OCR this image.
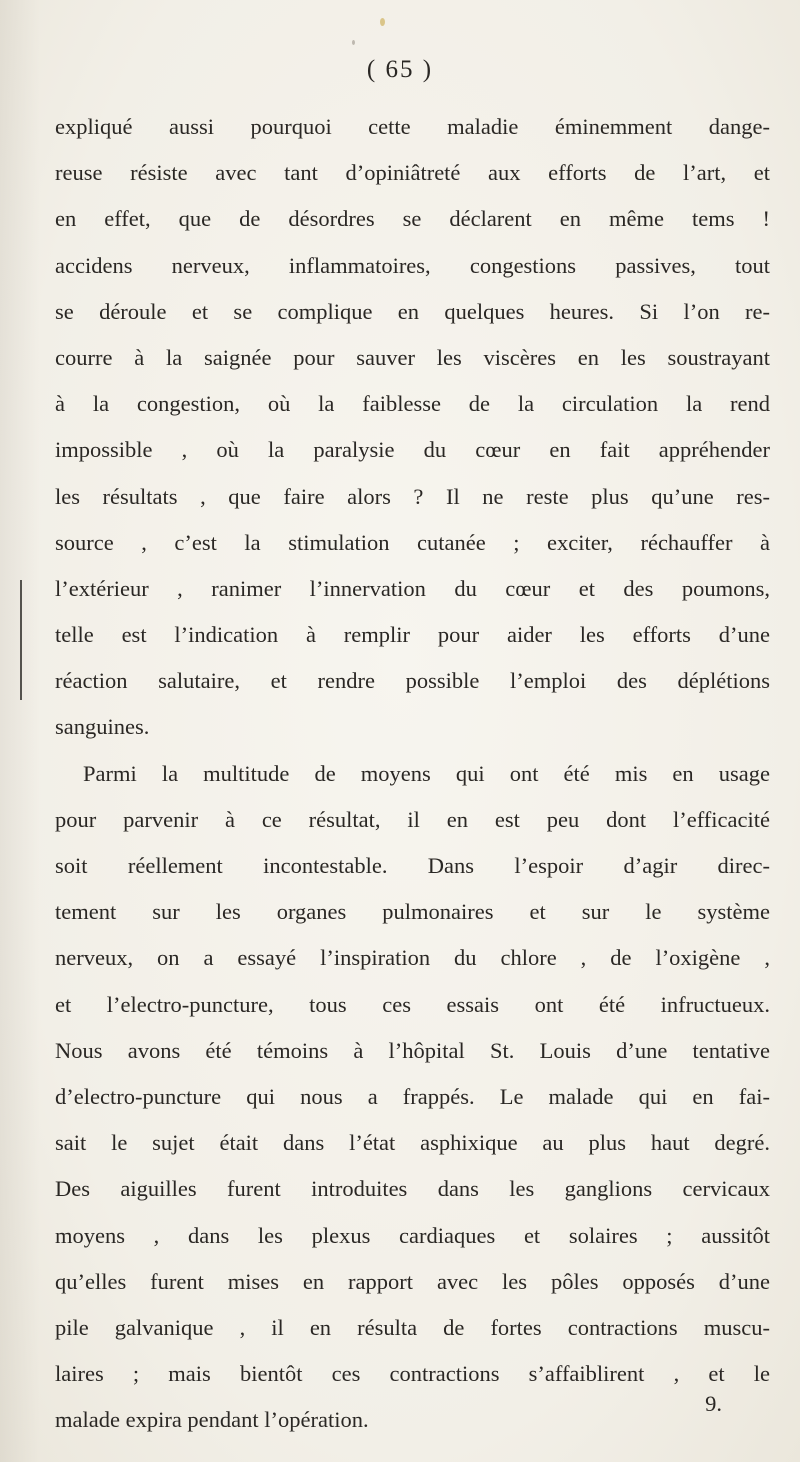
( 65 )
expliqué aussi pourquoi cette maladie éminemment dange-
reuse résiste avec tant d’opiniâtreté aux efforts de l’art, et
en effet, que de désordres se déclarent en même tems !
accidens nerveux, inflammatoires, congestions passives, tout
se déroule et se complique en quelques heures. Si l’on re-
courre à la saignée pour sauver les viscères en les soustrayant
à la congestion, où la faiblesse de la circulation la rend
impossible , où la paralysie du cœur en fait appréhender
les résultats , que faire alors ? Il ne reste plus qu’une res-
source , c’est la stimulation cutanée ; exciter, réchauffer à
l’extérieur , ranimer l’innervation du cœur et des poumons,
telle est l’indication à remplir pour aider les efforts d’une
réaction salutaire, et rendre possible l’emploi des déplétions
sanguines.
Parmi la multitude de moyens qui ont été mis en usage
pour parvenir à ce résultat, il en est peu dont l’efficacité
soit réellement incontestable. Dans l’espoir d’agir direc-
tement sur les organes pulmonaires et sur le système
nerveux, on a essayé l’inspiration du chlore , de l’oxigène ,
et l’electro-puncture, tous ces essais ont été infructueux.
Nous avons été témoins à l’hôpital St. Louis d’une tentative
d’electro-puncture qui nous a frappés. Le malade qui en fai-
sait le sujet était dans l’état asphixique au plus haut degré.
Des aiguilles furent introduites dans les ganglions cervicaux
moyens , dans les plexus cardiaques et solaires ; aussitôt
qu’elles furent mises en rapport avec les pôles opposés d’une
pile galvanique , il en résulta de fortes contractions muscu-
laires ; mais bientôt ces contractions s’affaiblirent , et le
malade expira pendant l’opération.
9.
